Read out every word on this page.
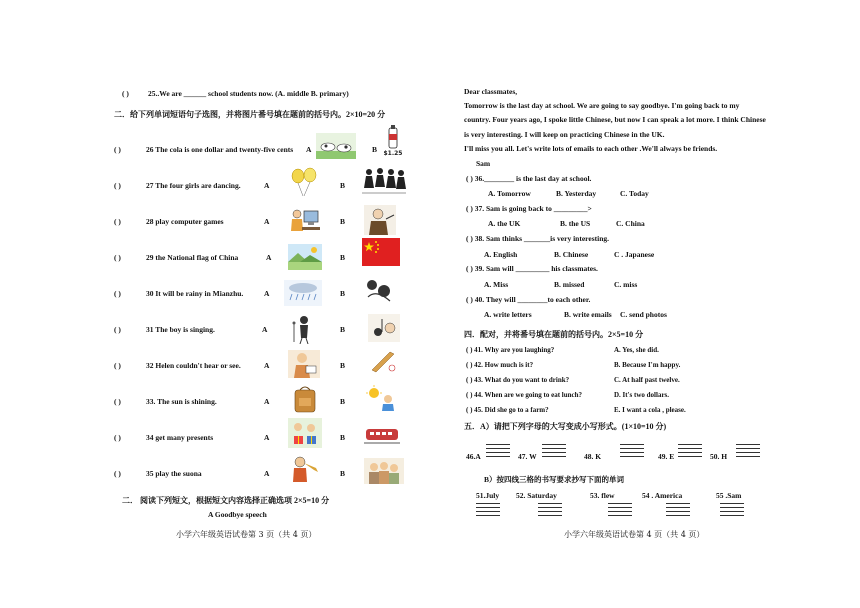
( )	25..We are ______ school students now. (A. middle B. primary)
二．给下列单词短语句子选图，并将图片番号填在题前的括号内。2×10=20 分
( )	26 The cola is one dollar and twenty-five cents A	B
( )	27 The four girls are dancing.	A	B
( )	28 play computer games	A	B
( )	29 the National flag of China	A	B
( )	30 It will be rainy in Mianzhu.	A	B
( )	31 The boy is singing.	A	B
( )	32 Helen couldn't hear or see.	A	B
( )	33. The sun is shining.	A	B
( )	34 get many presents	A	B
( )	35 play the suona	A	B
$1.25
二． 阅读下列短文，根据短文内容选择正确选项 2×5=10 分
A Goodbye speech
小学六年级英语试卷第 3 页（共 4 页）
Dear classmates,
Tomorrow is the last day at school. We are going to say goodbye. I'm going back to my
country. Four years ago, I spoke little Chinese, but now I can speak a lot more. I think Chinese
is very interesting. I will keep on practicing Chinese in the UK.
I'll miss you all. Let's write lots of emails to each other .We'll always be friends.
Sam
( ) 36.________ is the last day at school.
A. Tomorrow	B. Yesterday	C. Today
( ) 37. Sam is going back to _________>
A. the UK	B. the US	C. China
( ) 38. Sam thinks _______is very interesting.
A. English	B. Chinese	C . Japanese
( ) 39. Sam will _________ his classmates.
A. Miss	B. missed	C. miss
( ) 40. They will ________to each other.
A. write letters	B. write emails C. send photos
四．配对，并将番号填在题前的括号内。2×5=10 分
( ) 41. Why are you laughing?	A. Yes, she did.
( ) 42. How much is it?	B. Because I'm happy.
( ) 43. What do you want to drink?	C. At half past twelve.
( ) 44. When are we going to eat lunch?	D. It's two dollars.
( ) 45. Did she go to a farm?	E. I want a cola , please.
五．A）请把下列字母的大写变成小写形式。(1×10=10 分)
46.A	47. W	48. K	49. E	50. H
B）按四线三格的书写要求抄写下面的单词
51.July 52. Saturday	53. flew	54 . America	55 .Sam
小学六年级英语试卷第 4 页（共 4 页）
